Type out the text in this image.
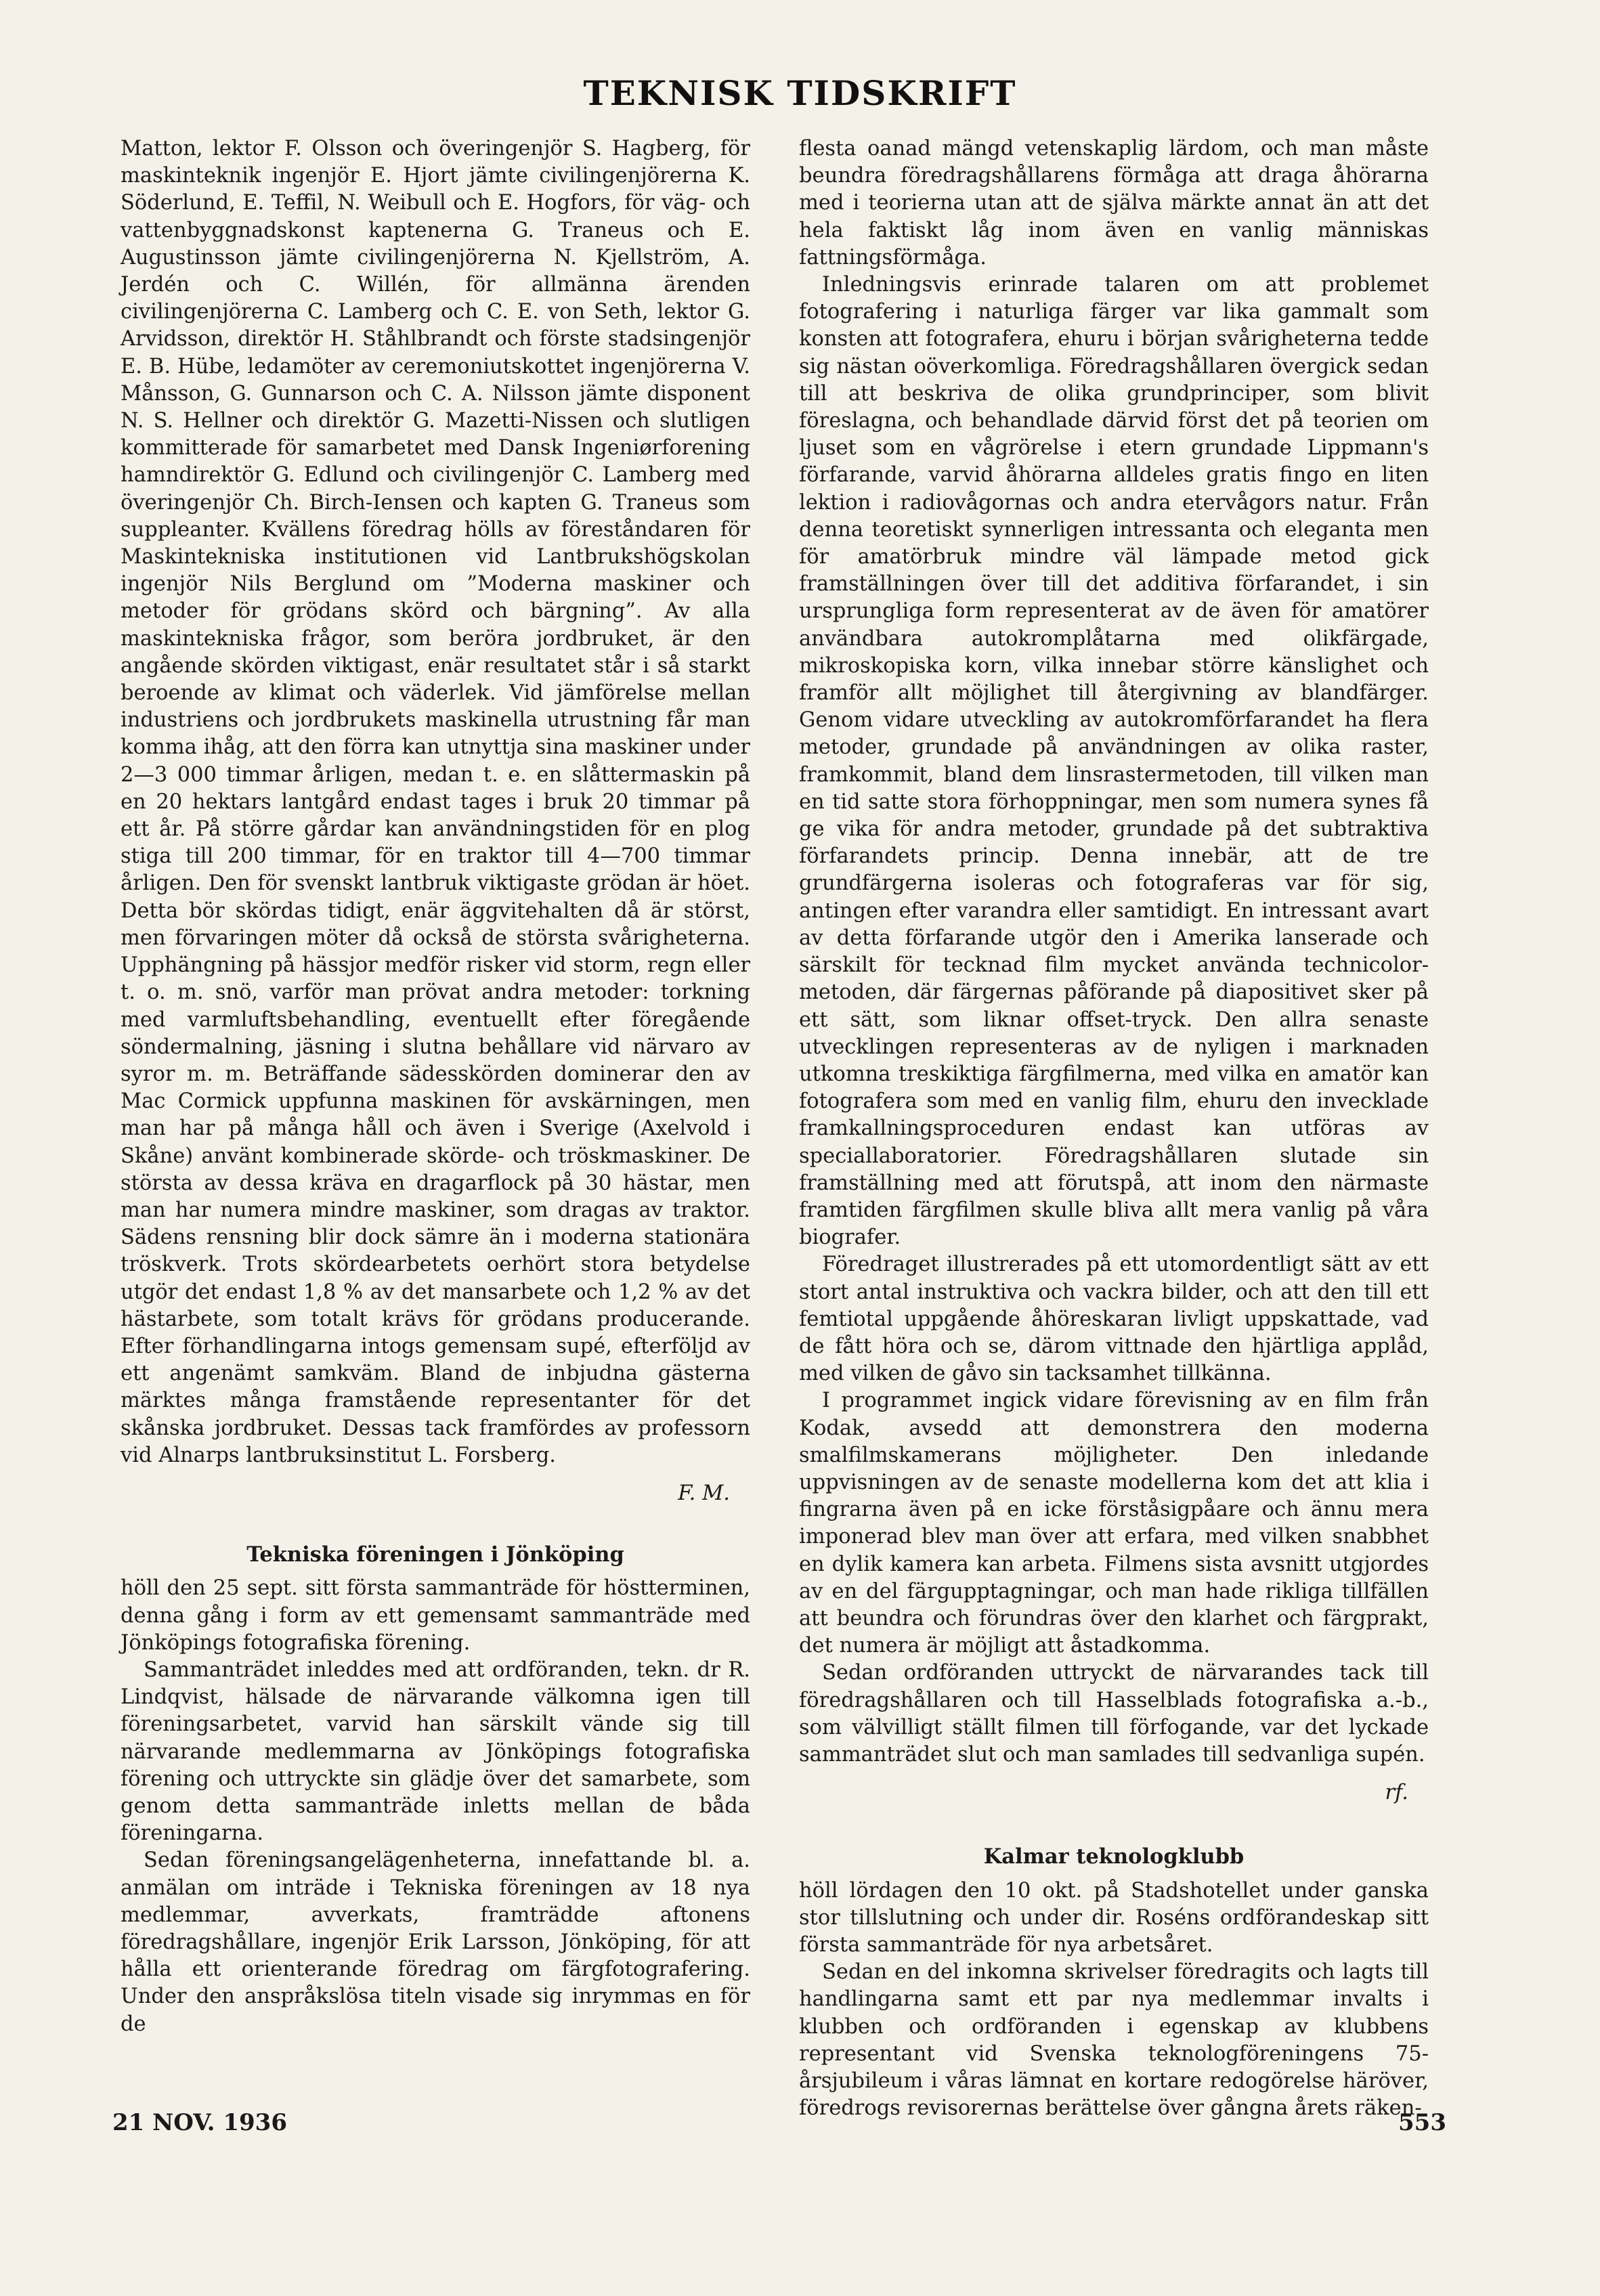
TEKNISK TIDSKRIFT

Matton, lektor F. Olsson och överingenjör S. Hagberg, för maskinteknik ingenjör E. Hjort jämte civilingenjörerna K. Söderlund, E. Teffil, N. Weibull och E. Hogfors, för väg- och vattenbyggnadskonst kaptenerna G. Traneus och E. Augustinsson jämte civilingenjörerna N. Kjellström, A. Jerdén och C. Willén, för allmänna ärenden civilingenjörerna C. Lamberg och C. E. von Seth, lektor G. Arvidsson, direktör H. Ståhlbrandt och förste stadsingenjör E. B. Hübe, ledamöter av ceremoniutskottet ingenjörerna V. Månsson, G. Gunnarson och C. A. Nilsson jämte disponent N. S. Hellner och direktör G. Mazetti-Nissen och slutligen kommitterade för samarbetet med Dansk Ingeniørforening hamndirektör G. Edlund och civilingenjör C. Lamberg med överingenjör Ch. Birch-Iensen och kapten G. Traneus som suppleanter. Kvällens föredrag hölls av föreståndaren för Maskintekniska institutionen vid Lantbrukshögskolan ingenjör Nils Berglund om ”Moderna maskiner och metoder för grödans skörd och bärgning”. Av alla maskintekniska frågor, som beröra jordbruket, är den angående skörden viktigast, enär resultatet står i så starkt beroende av klimat och väderlek. Vid jämförelse mellan industriens och jordbrukets maskinella utrustning får man komma ihåg, att den förra kan utnyttja sina maskiner under 2—3 000 timmar årligen, medan t. e. en slåttermaskin på en 20 hektars lantgård endast tages i bruk 20 timmar på ett år. På större gårdar kan användningstiden för en plog stiga till 200 timmar, för en traktor till 4—700 timmar årligen. Den för svenskt lantbruk viktigaste grödan är höet. Detta bör skördas tidigt, enär äggvitehalten då är störst, men förvaringen möter då också de största svårigheterna. Upphängning på hässjor medför risker vid storm, regn eller t. o. m. snö, varför man prövat andra metoder: torkning med varmluftsbehandling, eventuellt efter föregående söndermalning, jäsning i slutna behållare vid närvaro av syror m. m. Beträffande sädesskörden dominerar den av Mac Cormick uppfunna maskinen för avskärningen, men man har på många håll och även i Sverige (Axelvold i Skåne) använt kombinerade skörde- och tröskmaskiner. De största av dessa kräva en dragarflock på 30 hästar, men man har numera mindre maskiner, som dragas av traktor. Sädens rensning blir dock sämre än i moderna stationära tröskverk. Trots skördearbetets oerhört stora betydelse utgör det endast 1,8 % av det mansarbete och 1,2 % av det hästarbete, som totalt krävs för grödans producerande. Efter förhandlingarna intogs gemensam supé, efterföljd av ett angenämt samkväm. Bland de inbjudna gästerna märktes många framstående representanter för det skånska jordbruket. Dessas tack framfördes av professorn vid Alnarps lantbruksinstitut L. Forsberg.

F. M.

Tekniska föreningen i Jönköping

höll den 25 sept. sitt första sammanträde för höstterminen, denna gång i form av ett gemensamt sammanträde med Jönköpings fotografiska förening.

Sammanträdet inleddes med att ordföranden, tekn. dr R. Lindqvist, hälsade de närvarande välkomna igen till föreningsarbetet, varvid han särskilt vände sig till närvarande medlemmarna av Jönköpings fotografiska förening och uttryckte sin glädje över det samarbete, som genom detta sammanträde inletts mellan de båda föreningarna.

Sedan föreningsangelägenheterna, innefattande bl. a. anmälan om inträde i Tekniska föreningen av 18 nya medlemmar, avverkats, framträdde aftonens föredragshållare, ingenjör Erik Larsson, Jönköping, för att hålla ett orienterande föredrag om färgfotografering. Under den anspråkslösa titeln visade sig inrymmas en för de

flesta oanad mängd vetenskaplig lärdom, och man måste beundra föredragshållarens förmåga att draga åhörarna med i teorierna utan att de själva märkte annat än att det hela faktiskt låg inom även en vanlig människas fattningsförmåga.

Inledningsvis erinrade talaren om att problemet fotografering i naturliga färger var lika gammalt som konsten att fotografera, ehuru i början svårigheterna tedde sig nästan oöverkomliga. Föredragshållaren övergick sedan till att beskriva de olika grundprinciper, som blivit föreslagna, och behandlade därvid först det på teorien om ljuset som en vågrörelse i etern grundade Lippmann's förfarande, varvid åhörarna alldeles gratis fingo en liten lektion i radiovågornas och andra etervågors natur. Från denna teoretiskt synnerligen intressanta och eleganta men för amatörbruk mindre väl lämpade metod gick framställningen över till det additiva förfarandet, i sin ursprungliga form representerat av de även för amatörer användbara autokromplåtarna med olikfärgade, mikroskopiska korn, vilka innebar större känslighet och framför allt möjlighet till återgivning av blandfärger. Genom vidare utveckling av autokromförfarandet ha flera metoder, grundade på användningen av olika raster, framkommit, bland dem linsrastermetoden, till vilken man en tid satte stora förhoppningar, men som numera synes få ge vika för andra metoder, grundade på det subtraktiva förfarandets princip. Denna innebär, att de tre grundfärgerna isoleras och fotograferas var för sig, antingen efter varandra eller samtidigt. En intressant avart av detta förfarande utgör den i Amerika lanserade och särskilt för tecknad film mycket använda technicolor-metoden, där färgernas påförande på diapositivet sker på ett sätt, som liknar offset-tryck. Den allra senaste utvecklingen representeras av de nyligen i marknaden utkomna treskiktiga färgfilmerna, med vilka en amatör kan fotografera som med en vanlig film, ehuru den invecklade framkallningsproceduren endast kan utföras av speciallaboratorier. Föredragshållaren slutade sin framställning med att förutspå, att inom den närmaste framtiden färgfilmen skulle bliva allt mera vanlig på våra biografer.

Föredraget illustrerades på ett utomordentligt sätt av ett stort antal instruktiva och vackra bilder, och att den till ett femtiotal uppgående åhöreskaran livligt uppskattade, vad de fått höra och se, därom vittnade den hjärtliga applåd, med vilken de gåvo sin tacksamhet tillkänna.

I programmet ingick vidare förevisning av en film från Kodak, avsedd att demonstrera den moderna smalfilmskamerans möjligheter. Den inledande uppvisningen av de senaste modellerna kom det att klia i fingrarna även på en icke förståsigpåare och ännu mera imponerad blev man över att erfara, med vilken snabbhet en dylik kamera kan arbeta. Filmens sista avsnitt utgjordes av en del färgupptagningar, och man hade rikliga tillfällen att beundra och förundras över den klarhet och färgprakt, det numera är möjligt att åstadkomma.

Sedan ordföranden uttryckt de närvarandes tack till föredragshållaren och till Hasselblads fotografiska a.-b., som välvilligt ställt filmen till förfogande, var det lyckade sammanträdet slut och man samlades till sedvanliga supén.

rf.

Kalmar teknologklubb

höll lördagen den 10 okt. på Stadshotellet under ganska stor tillslutning och under dir. Roséns ordförandeskap sitt första sammanträde för nya arbetsåret.

Sedan en del inkomna skrivelser föredragits och lagts till handlingarna samt ett par nya medlemmar invalts i klubben och ordföranden i egenskap av klubbens representant vid Svenska teknologföreningens 75-årsjubileum i våras lämnat en kortare redogörelse häröver, föredrogs revisorernas berättelse över gångna årets räken-

21 NOV. 1936	553
